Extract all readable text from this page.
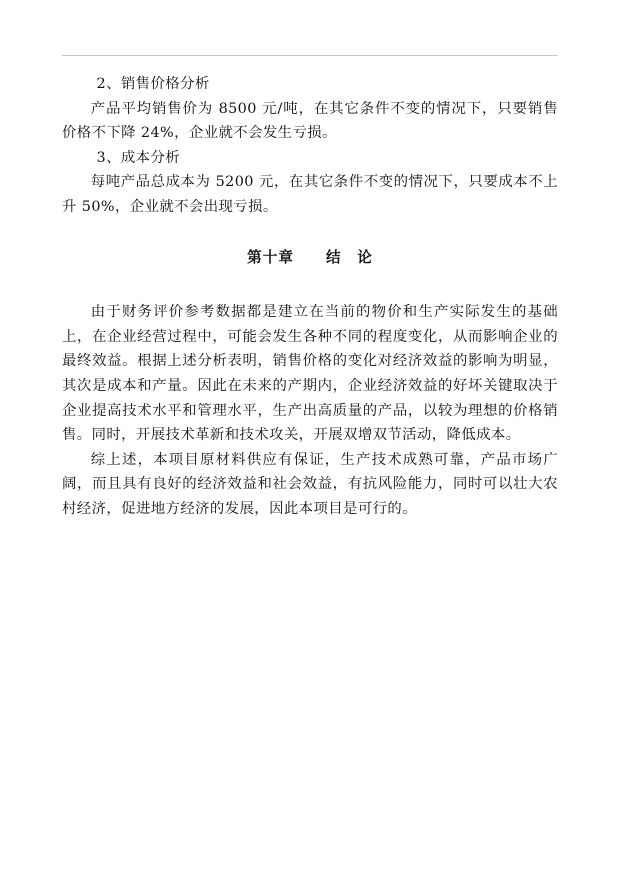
2、销售价格分析

产品平均销售价为 8500 元/吨，在其它条件不变的情况下，只要销售价格不下降 24%，企业就不会发生亏损。

3、成本分析

每吨产品总成本为 5200 元，在其它条件不变的情况下，只要成本不上升 50%，企业就不会出现亏损。

第十章 结　论

由于财务评价参考数据都是建立在当前的物价和生产实际发生的基础上，在企业经营过程中，可能会发生各种不同的程度变化，从而影响企业的最终效益。根据上述分析表明，销售价格的变化对经济效益的影响为明显，其次是成本和产量。因此在未来的产期内，企业经济效益的好坏关键取决于企业提高技术水平和管理水平，生产出高质量的产品，以较为理想的价格销售。同时，开展技术革新和技术攻关，开展双增双节活动，降低成本。

综上述，本项目原材料供应有保证，生产技术成熟可靠，产品市场广阔，而且具有良好的经济效益和社会效益，有抗风险能力，同时可以壮大农村经济，促进地方经济的发展，因此本项目是可行的。
